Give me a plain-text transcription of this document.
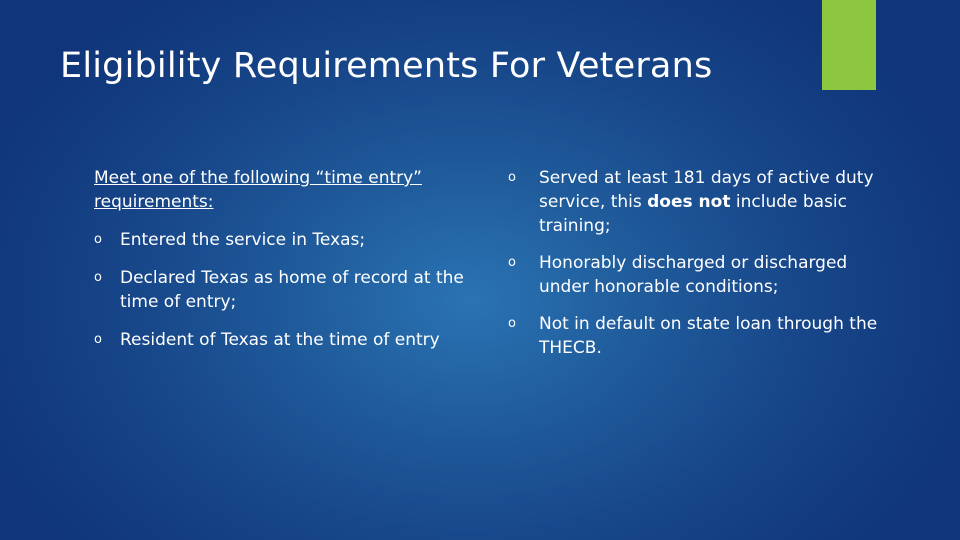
Eligibility Requirements For Veterans

Meet one of the following “time entry” requirements:

o Entered the service in Texas;
o Declared Texas as home of record at the time of entry;
o Resident of Texas at the time of entry
o Served at least 181 days of active duty service, this does not include basic training;
o Honorably discharged or discharged under honorable conditions;
o Not in default on state loan through the THECB.
